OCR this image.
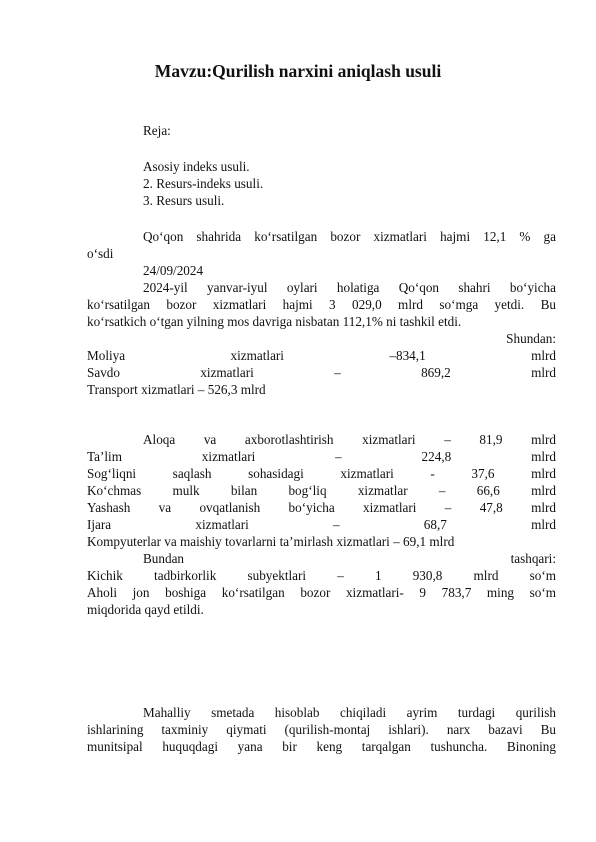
Mavzu:Qurilish narxini aniqlash usuli
Reja:
Asosiy indeks usuli.
2. Resurs-indeks usuli.
3. Resurs usuli.
Qo‘qon shahrida ko‘rsatilgan bozor xizmatlari hajmi 12,1 % ga
o‘sdi
24/09/2024
2024-yil yanvar-iyul oylari holatiga Qo‘qon shahri bo‘yicha
ko‘rsatilgan bozor xizmatlari hajmi 3 029,0 mlrd so‘mga yetdi. Bu
ko‘rsatkich o‘tgan yilning mos davriga nisbatan 112,1% ni tashkil etdi.
Shundan:
Moliya xizmatlari –834,1 mlrd
Savdo xizmatlari – 869,2 mlrd
Transport xizmatlari – 526,3 mlrd
Aloqa va axborotlashtirish xizmatlari – 81,9 mlrd
Ta’lim xizmatlari – 224,8 mlrd
Sog‘liqni saqlash sohasidagi xizmatlari - 37,6 mlrd
Ko‘chmas mulk bilan bog‘liq xizmatlar – 66,6 mlrd
Yashash va ovqatlanish bo‘yicha xizmatlari – 47,8 mlrd
Ijara xizmatlari – 68,7 mlrd
Kompyuterlar va maishiy tovarlarni ta’mirlash xizmatlari – 69,1 mlrd
Bundan tashqari:
Kichik tadbirkorlik subyektlari – 1 930,8 mlrd so‘m
Aholi jon boshiga ko‘rsatilgan bozor xizmatlari- 9 783,7 ming so‘m
miqdorida qayd etildi.
Mahalliy smetada hisoblab chiqiladi ayrim turdagi qurilish
ishlarining taxminiy qiymati (qurilish-montaj ishlari). narx bazavi Bu
munitsipal huquqdagi yana bir keng tarqalgan tushuncha. Binoning
